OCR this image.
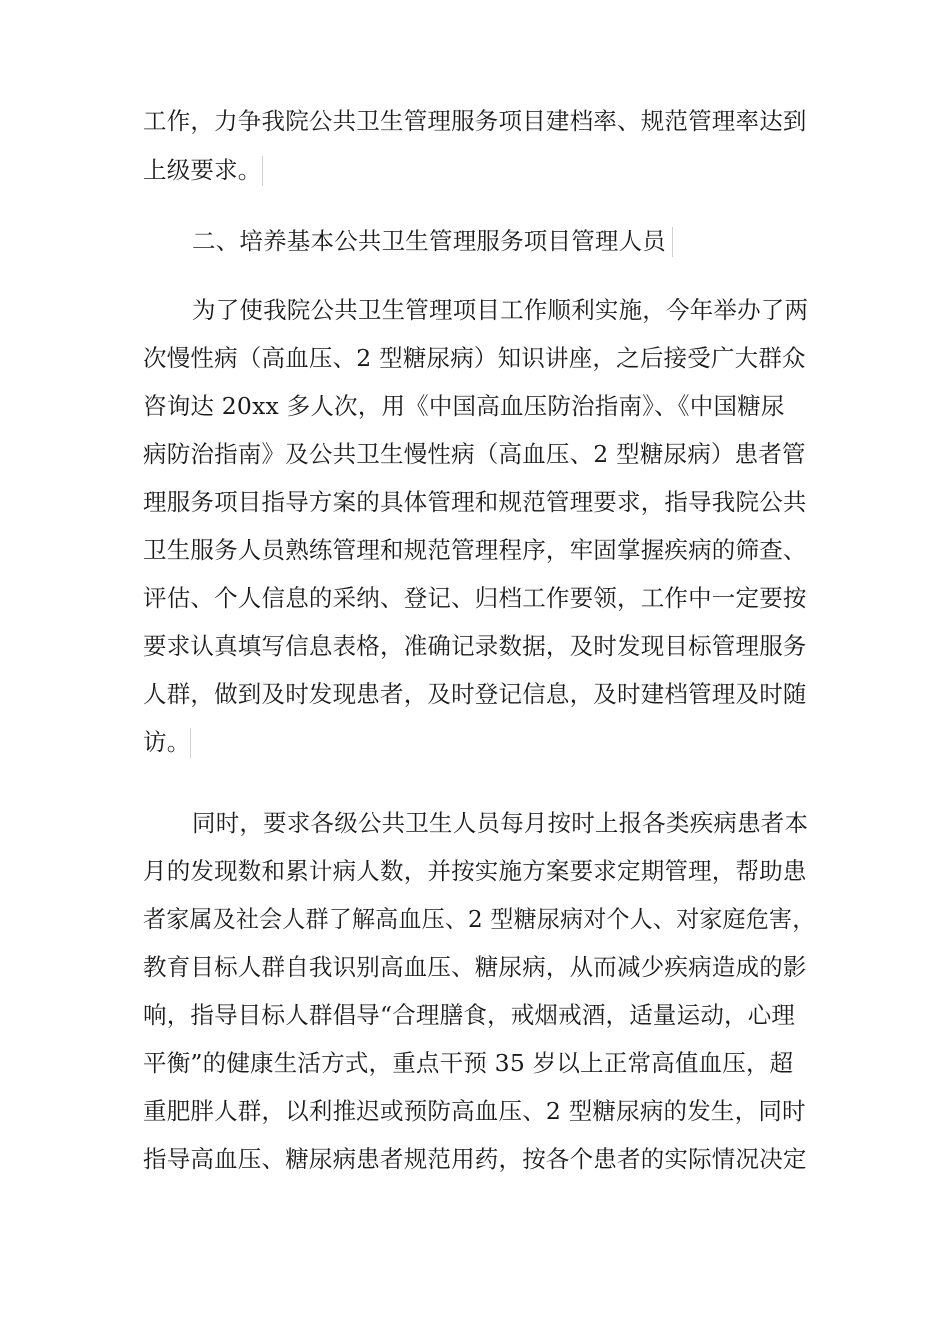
工作，力争我院公共卫生管理服务项目建档率、规范管理率达到
上级要求。
二、培养基本公共卫生管理服务项目管理人员
为了使我院公共卫生管理项目工作顺利实施，今年举办了两
次慢性病（高血压、2 型糖尿病）知识讲座，之后接受广大群众
咨询达 20xx 多人次，用《中国高血压防治指南》、《中国糖尿
病防治指南》及公共卫生慢性病（高血压、2 型糖尿病）患者管
理服务项目指导方案的具体管理和规范管理要求，指导我院公共
卫生服务人员熟练管理和规范管理程序，牢固掌握疾病的筛查、
评估、个人信息的采纳、登记、归档工作要领，工作中一定要按
要求认真填写信息表格，准确记录数据，及时发现目标管理服务
人群，做到及时发现患者，及时登记信息，及时建档管理及时随
访。
同时，要求各级公共卫生人员每月按时上报各类疾病患者本
月的发现数和累计病人数，并按实施方案要求定期管理，帮助患
者家属及社会人群了解高血压、2 型糖尿病对个人、对家庭危害，
教育目标人群自我识别高血压、糖尿病，从而减少疾病造成的影
响，指导目标人群倡导“合理膳食，戒烟戒酒，适量运动，心理
平衡”的健康生活方式，重点干预 35 岁以上正常高值血压，超
重肥胖人群，以利推迟或预防高血压、2 型糖尿病的发生，同时
指导高血压、糖尿病患者规范用药，按各个患者的实际情况决定
